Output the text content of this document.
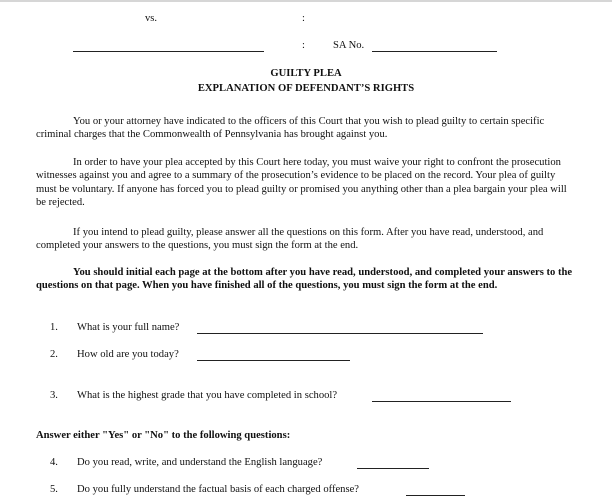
vs.	:
:	SA No.
GUILTY PLEA
EXPLANATION OF DEFENDANT’S RIGHTS
You or your attorney have indicated to the officers of this Court that you wish to plead guilty to certain specific criminal charges that the Commonwealth of Pennsylvania has brought against you.
In order to have your plea accepted by this Court here today, you must waive your right to confront the prosecution witnesses against you and agree to a summary of the prosecution’s evidence to be placed on the record. Your plea of guilty must be voluntary. If anyone has forced you to plead guilty or promised you anything other than a plea bargain your plea will be rejected.
If you intend to plead guilty, please answer all the questions on this form. After you have read, understood, and completed your answers to the questions, you must sign the form at the end.
You should initial each page at the bottom after you have read, understood, and completed your answers to the questions on that page. When you have finished all of the questions, you must sign the form at the end.
1. What is your full name?
2. How old are you today?
3. What is the highest grade that you have completed in school?
Answer either "Yes" or "No" to the following questions:
4. Do you read, write, and understand the English language?
5. Do you fully understand the factual basis of each charged offense?
